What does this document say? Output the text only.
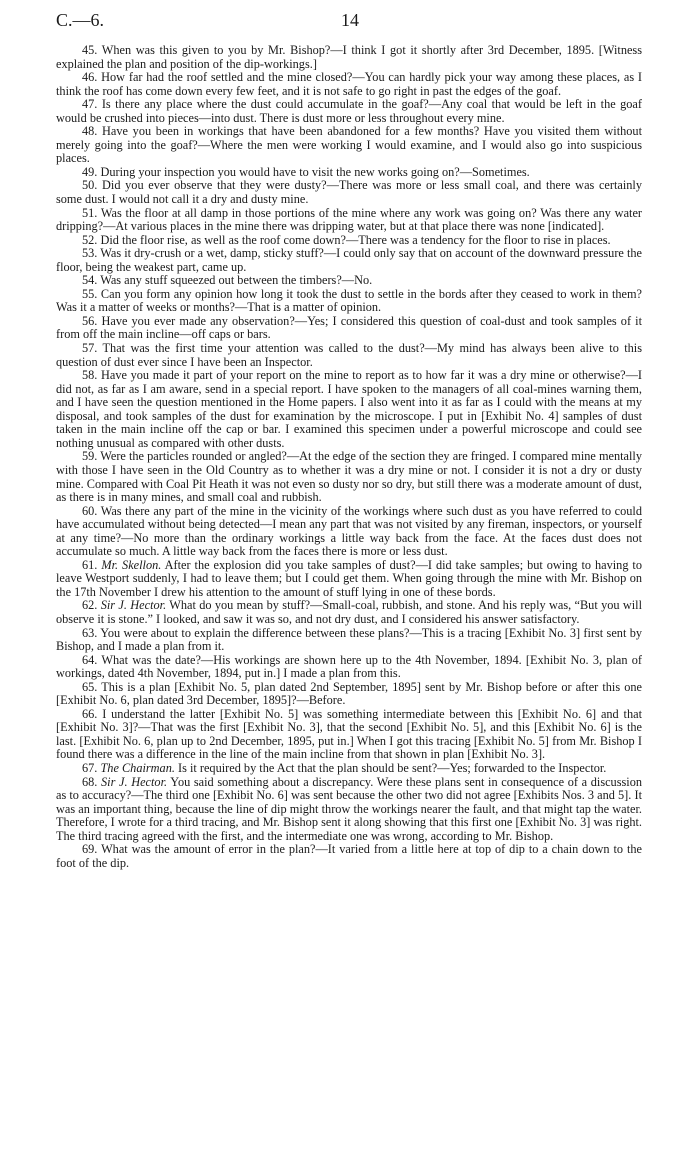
C.—6.	14

45. When was this given to you by Mr. Bishop?—I think I got it shortly after 3rd December, 1895. [Witness explained the plan and position of the dip-workings.]

46. How far had the roof settled and the mine closed?—You can hardly pick your way among these places, as I think the roof has come down every few feet, and it is not safe to go right in past the edges of the goaf.

47. Is there any place where the dust could accumulate in the goaf?—Any coal that would be left in the goaf would be crushed into pieces—into dust. There is dust more or less throughout every mine.

48. Have you been in workings that have been abandoned for a few months? Have you visited them without merely going into the goaf?—Where the men were working I would examine, and I would also go into suspicious places.

49. During your inspection you would have to visit the new works going on?—Sometimes.

50. Did you ever observe that they were dusty?—There was more or less small coal, and there was certainly some dust. I would not call it a dry and dusty mine.

51. Was the floor at all damp in those portions of the mine where any work was going on? Was there any water dripping?—At various places in the mine there was dripping water, but at that place there was none [indicated].

52. Did the floor rise, as well as the roof come down?—There was a tendency for the floor to rise in places.

53. Was it dry-crush or a wet, damp, sticky stuff?—I could only say that on account of the downward pressure the floor, being the weakest part, came up.

54. Was any stuff squeezed out between the timbers?—No.

55. Can you form any opinion how long it took the dust to settle in the bords after they ceased to work in them? Was it a matter of weeks or months?—That is a matter of opinion.

56. Have you ever made any observation?—Yes; I considered this question of coal-dust and took samples of it from off the main incline—off caps or bars.

57. That was the first time your attention was called to the dust?—My mind has always been alive to this question of dust ever since I have been an Inspector.

58. Have you made it part of your report on the mine to report as to how far it was a dry mine or otherwise?—I did not, as far as I am aware, send in a special report. I have spoken to the managers of all coal-mines warning them, and I have seen the question mentioned in the Home papers. I also went into it as far as I could with the means at my disposal, and took samples of the dust for examination by the microscope. I put in [Exhibit No. 4] samples of dust taken in the main incline off the cap or bar. I examined this specimen under a powerful microscope and could see nothing unusual as compared with other dusts.

59. Were the particles rounded or angled?—At the edge of the section they are fringed. I compared mine mentally with those I have seen in the Old Country as to whether it was a dry mine or not. I consider it is not a dry or dusty mine. Compared with Coal Pit Heath it was not even so dusty nor so dry, but still there was a moderate amount of dust, as there is in many mines, and small coal and rubbish.

60. Was there any part of the mine in the vicinity of the workings where such dust as you have referred to could have accumulated without being detected—I mean any part that was not visited by any fireman, inspectors, or yourself at any time?—No more than the ordinary workings a little way back from the face. At the faces dust does not accumulate so much. A little way back from the faces there is more or less dust.

61. Mr. Skellon. After the explosion did you take samples of dust?—I did take samples; but owing to having to leave Westport suddenly, I had to leave them; but I could get them. When going through the mine with Mr. Bishop on the 17th November I drew his attention to the amount of stuff lying in one of these bords.

62. Sir J. Hector. What do you mean by stuff?—Small-coal, rubbish, and stone. And his reply was, “But you will observe it is stone.” I looked, and saw it was so, and not dry dust, and I considered his answer satisfactory.

63. You were about to explain the difference between these plans?—This is a tracing [Exhibit No. 3] first sent by Bishop, and I made a plan from it.

64. What was the date?—His workings are shown here up to the 4th November, 1894. [Exhibit No. 3, plan of workings, dated 4th November, 1894, put in.] I made a plan from this.

65. This is a plan [Exhibit No. 5, plan dated 2nd September, 1895] sent by Mr. Bishop before or after this one [Exhibit No. 6, plan dated 3rd December, 1895]?—Before.

66. I understand the latter [Exhibit No. 5] was something intermediate between this [Exhibit No. 6] and that [Exhibit No. 3]?—That was the first [Exhibit No. 3], that the second [Exhibit No. 5], and this [Exhibit No. 6] is the last. [Exhibit No. 6, plan up to 2nd December, 1895, put in.] When I got this tracing [Exhibit No. 5] from Mr. Bishop I found there was a difference in the line of the main incline from that shown in plan [Exhibit No. 3].

67. The Chairman. Is it required by the Act that the plan should be sent?—Yes; forwarded to the Inspector.

68. Sir J. Hector. You said something about a discrepancy. Were these plans sent in consequence of a discussion as to accuracy?—The third one [Exhibit No. 6] was sent because the other two did not agree [Exhibits Nos. 3 and 5]. It was an important thing, because the line of dip might throw the workings nearer the fault, and that might tap the water. Therefore, I wrote for a third tracing, and Mr. Bishop sent it along showing that this first one [Exhibit No. 3] was right. The third tracing agreed with the first, and the intermediate one was wrong, according to Mr. Bishop.

69. What was the amount of error in the plan?—It varied from a little here at top of dip to a chain down to the foot of the dip.
